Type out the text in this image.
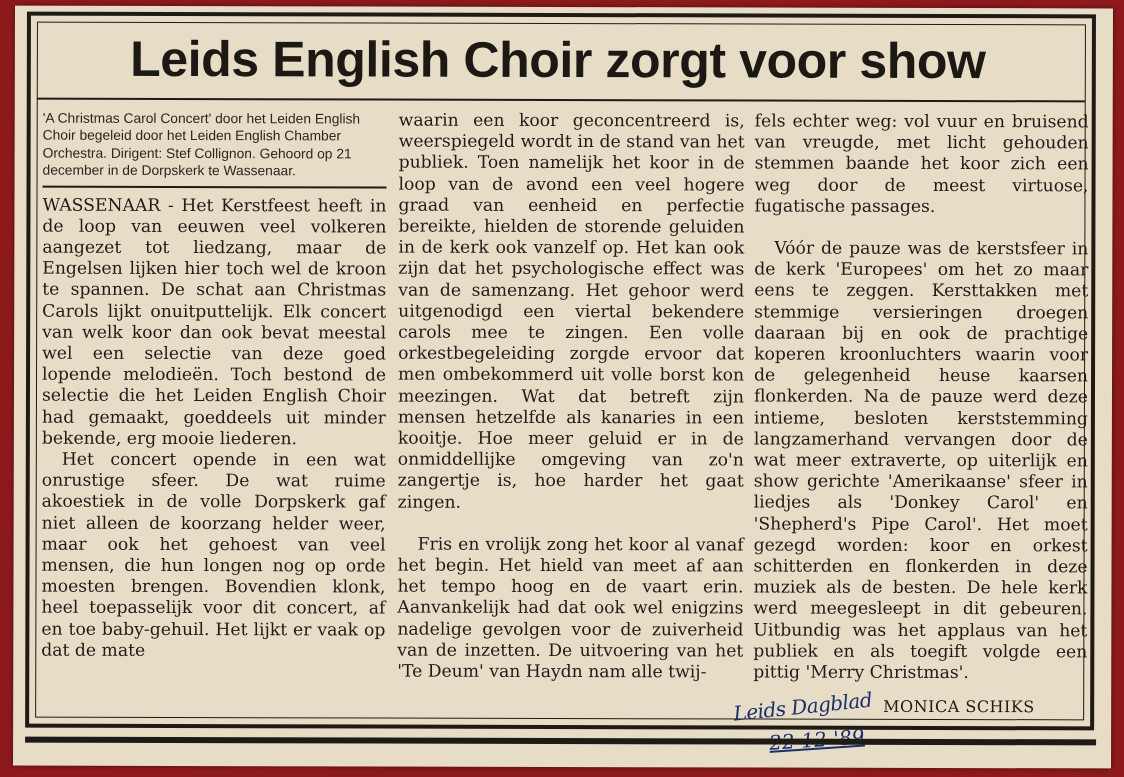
Leids English Choir zorgt voor show
'A Christmas Carol Concert' door het Leiden English Choir begeleid door het Leiden English Chamber Orchestra. Dirigent: Stef Collignon. Gehoord op 21 december in de Dorpskerk te Wassenaar.

WASSENAAR - Het Kerstfeest heeft in de loop van eeuwen veel volkeren aangezet tot liedzang, maar de Engelsen lijken hier toch wel de kroon te spannen. De schat aan Christmas Carols lijkt onuitputtelijk. Elk concert van welk koor dan ook bevat meestal wel een selectie van deze goed lopende melodieën. Toch bestond de selectie die het Leiden English Choir had gemaakt, goeddeels uit minder bekende, erg mooie liederen.

Het concert opende in een wat onrustige sfeer. De wat ruime akoestiek in de volle Dorpskerk gaf niet alleen de koorzang helder weer, maar ook het gehoest van veel mensen, die hun longen nog op orde moesten brengen. Bovendien klonk, heel toepasselijk voor dit concert, af en toe baby-gehuil. Het lijkt er vaak op dat de mate

waarin een koor geconcentreerd is, weerspiegeld wordt in de stand van het publiek. Toen namelijk het koor in de loop van de avond een veel hogere graad van eenheid en perfectie bereikte, hielden de storende geluiden in de kerk ook vanzelf op. Het kan ook zijn dat het psychologische effect was van de samenzang. Het gehoor werd uitgenodigd een viertal bekendere carols mee te zingen. Een volle orkestbegeleiding zorgde ervoor dat men ombekommerd uit volle borst kon meezingen. Wat dat betreft zijn mensen hetzelfde als kanaries in een kooitje. Hoe meer geluid er in de onmiddellijke omgeving van zo'n zangertje is, hoe harder het gaat zingen.

Fris en vrolijk zong het koor al vanaf het begin. Het hield van meet af aan het tempo hoog en de vaart erin. Aanvankelijk had dat ook wel enigzins nadelige gevolgen voor de zuiverheid van de inzetten. De uitvoering van het 'Te Deum' van Haydn nam alle twij-

fels echter weg: vol vuur en bruisend van vreugde, met licht gehouden stemmen baande het koor zich een weg door de meest virtuose, fugatische passages.

Vóór de pauze was de kerstsfeer in de kerk 'Europees' om het zo maar eens te zeggen. Kersttakken met stemmige versieringen droegen daaraan bij en ook de prachtige koperen kroonluchters waarin voor de gelegenheid heuse kaarsen flonkerden. Na de pauze werd deze intieme, besloten kerststemming langzamerhand vervangen door de wat meer extraverte, op uiterlijk en show gerichte 'Amerikaanse' sfeer in liedjes als 'Donkey Carol' en 'Shepherd's Pipe Carol'. Het moet gezegd worden: koor en orkest schitterden en flonkerden in deze muziek als de besten. De hele kerk werd meegesleept in dit gebeuren. Uitbundig was het applaus van het publiek en als toegift volgde een pittig 'Merry Christmas'.

Leids Dagblad MONICA SCHIKS
